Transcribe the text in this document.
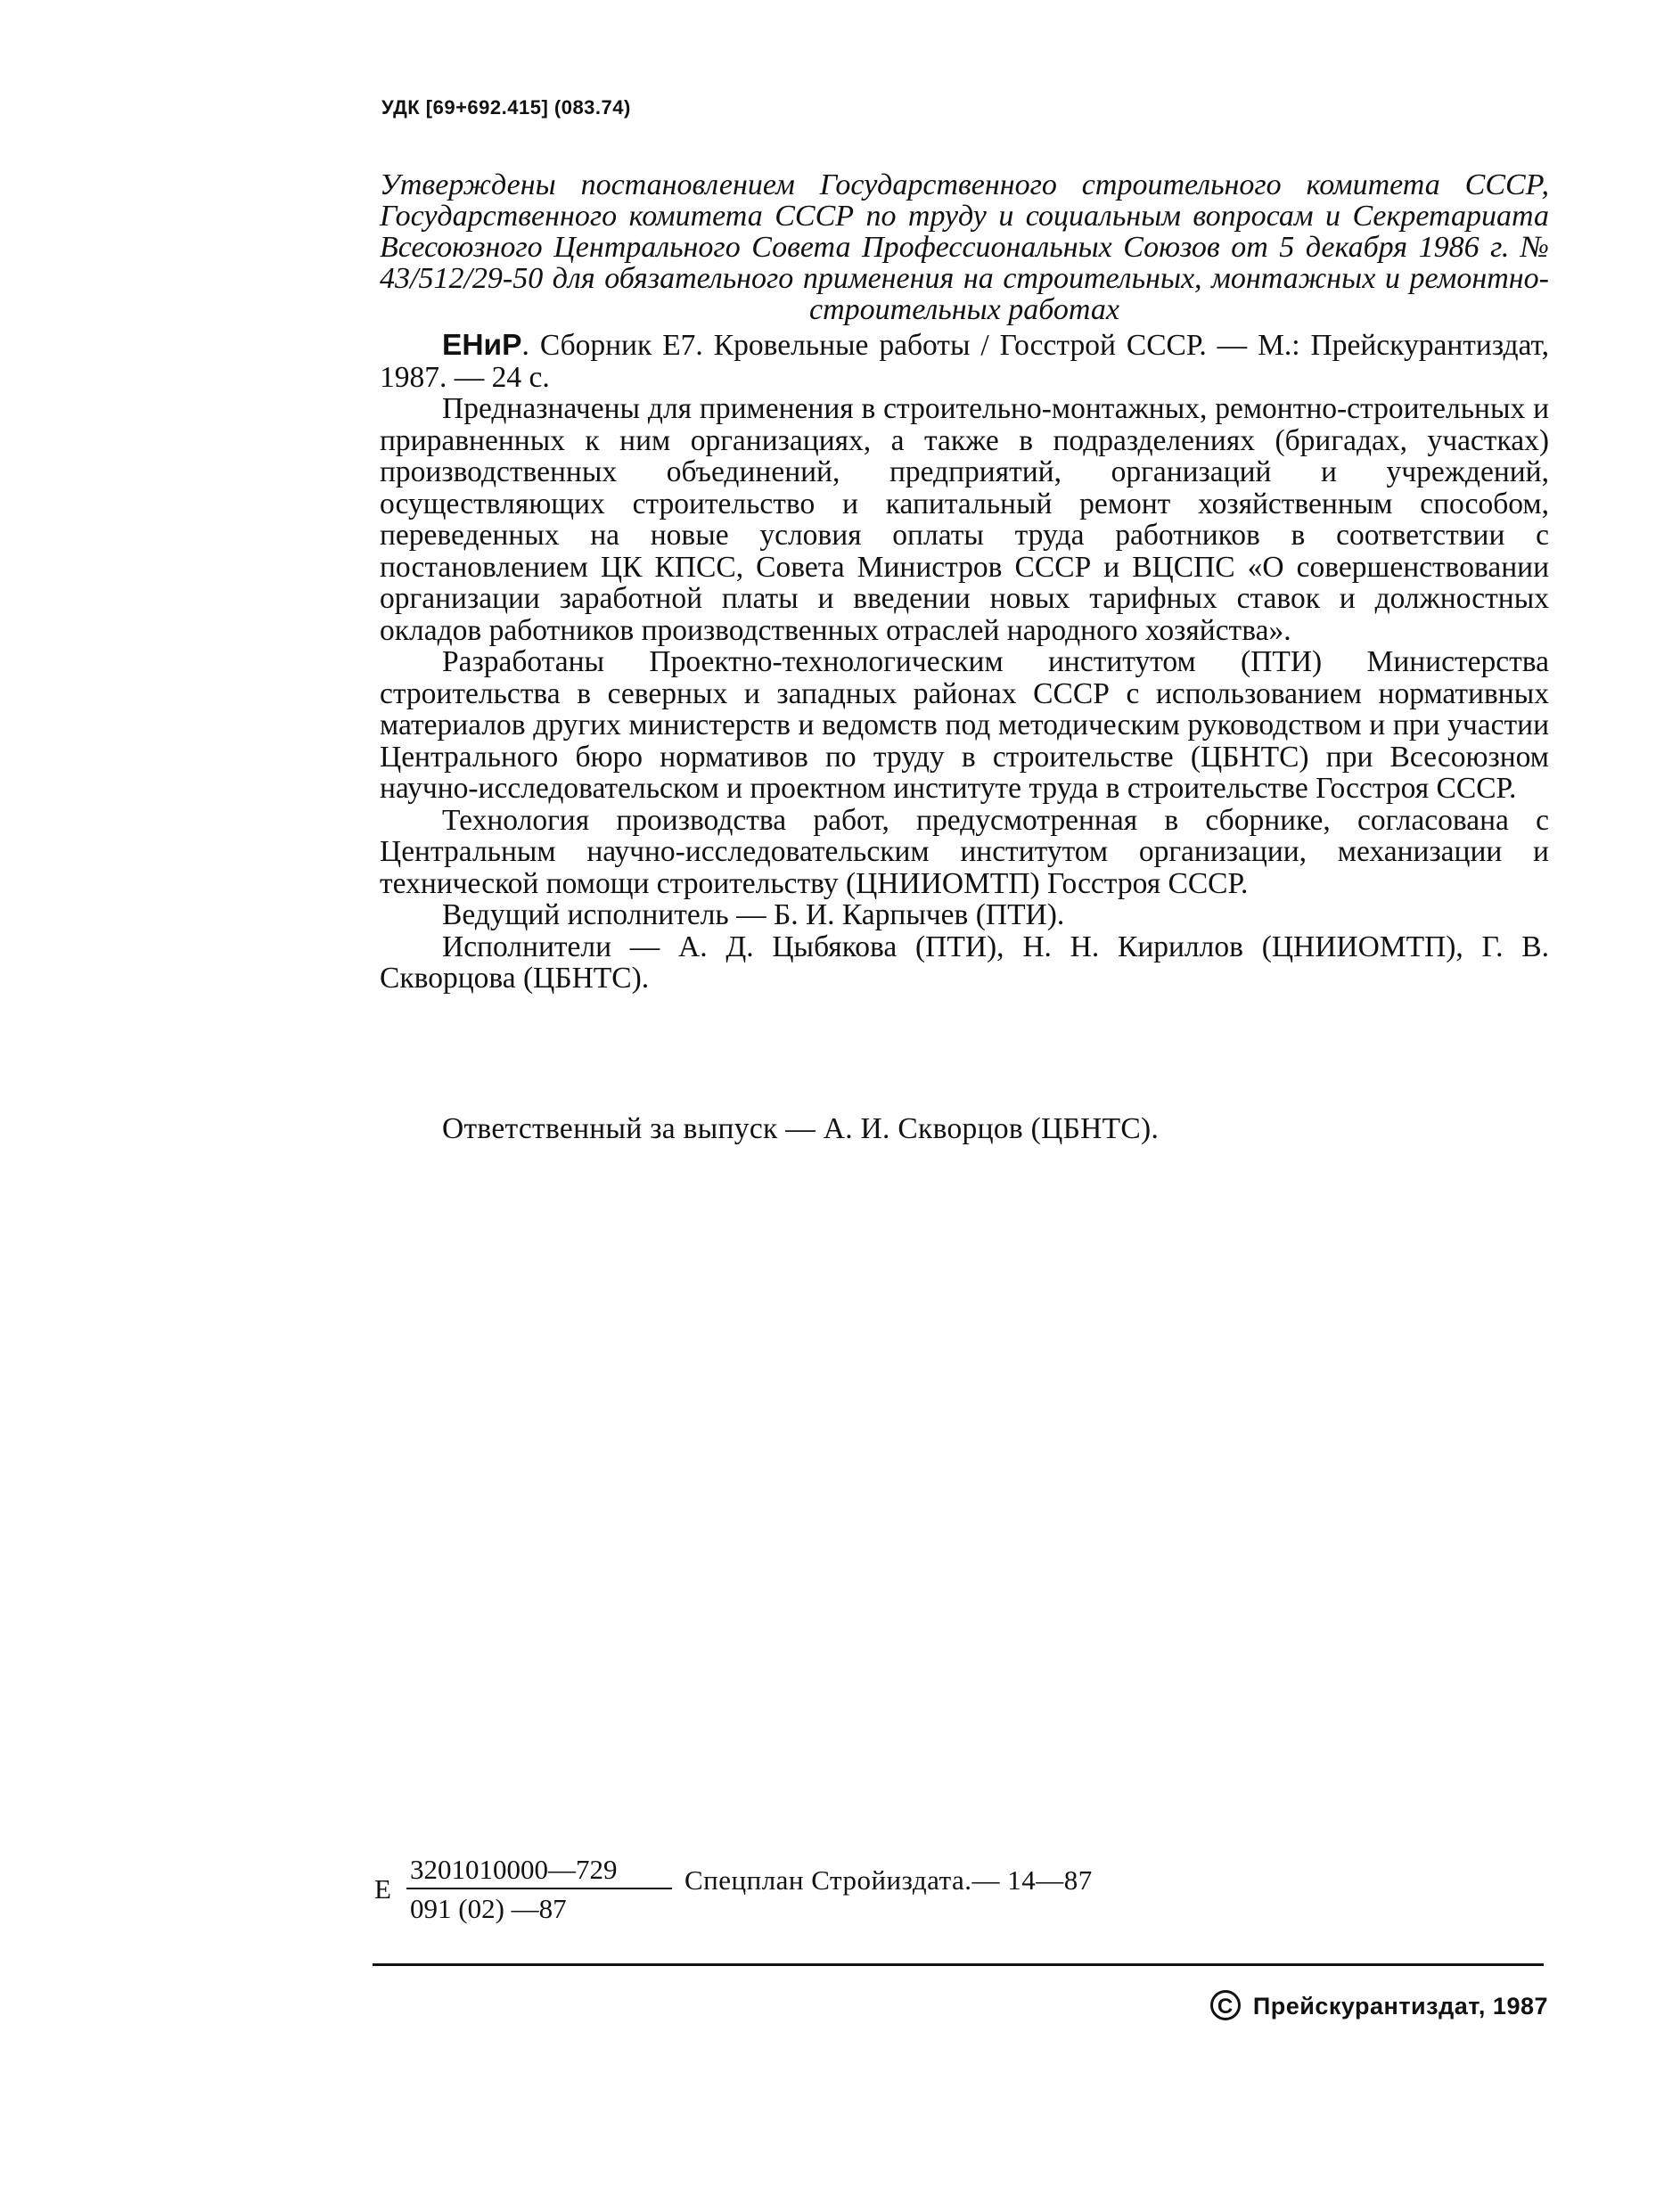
УДК [69+692.415] (083.74)
Утверждены постановлением Государственного строительного комитета СССР, Государственного комитета СССР по труду и социальным вопросам и Секретариата Всесоюзного Центрального Совета Профессиональных Союзов от 5 декабря 1986 г. № 43/512/29-50 для обязательного применения на строительных, монтажных и ремонтно-строительных работах

ЕНиР. Сборник Е7. Кровельные работы / Госстрой СССР. — М.: Прейскурантиздат, 1987. — 24 с.

Предназначены для применения в строительно-монтажных, ремонтно-строительных и приравненных к ним организациях, а также в подразделениях (бригадах, участках) производственных объединений, предприятий, организаций и учреждений, осуществляющих строительство и капитальный ремонт хозяйственным способом, переведенных на новые условия оплаты труда работников в соответствии с постановлением ЦК КПСС, Совета Министров СССР и ВЦСПС «О совершенствовании организации заработной платы и введении новых тарифных ставок и должностных окладов работников производственных отраслей народного хозяйства».

Разработаны Проектно-технологическим институтом (ПТИ) Министерства строительства в северных и западных районах СССР с использованием нормативных материалов других министерств и ведомств под методическим руководством и при участии Центрального бюро нормативов по труду в строительстве (ЦБНТС) при Всесоюзном научно-исследовательском и проектном институте труда в строительстве Госстроя СССР.

Технология производства работ, предусмотренная в сборнике, согласована с Центральным научно-исследовательским институтом организации, механизации и технической помощи строительству (ЦНИИОМТП) Госстроя СССР.

Ведущий исполнитель — Б. И. Карпычев (ПТИ).

Исполнители — А. Д. Цыбякова (ПТИ), Н. Н. Кириллов (ЦНИИОМТП), Г. В. Скворцова (ЦБНТС).

Ответственный за выпуск — А. И. Скворцов (ЦБНТС).
Е
3201010000—729
091 (02) —87
Спецплан Стройиздата.— 14—87
C Прейскурантиздат, 1987
